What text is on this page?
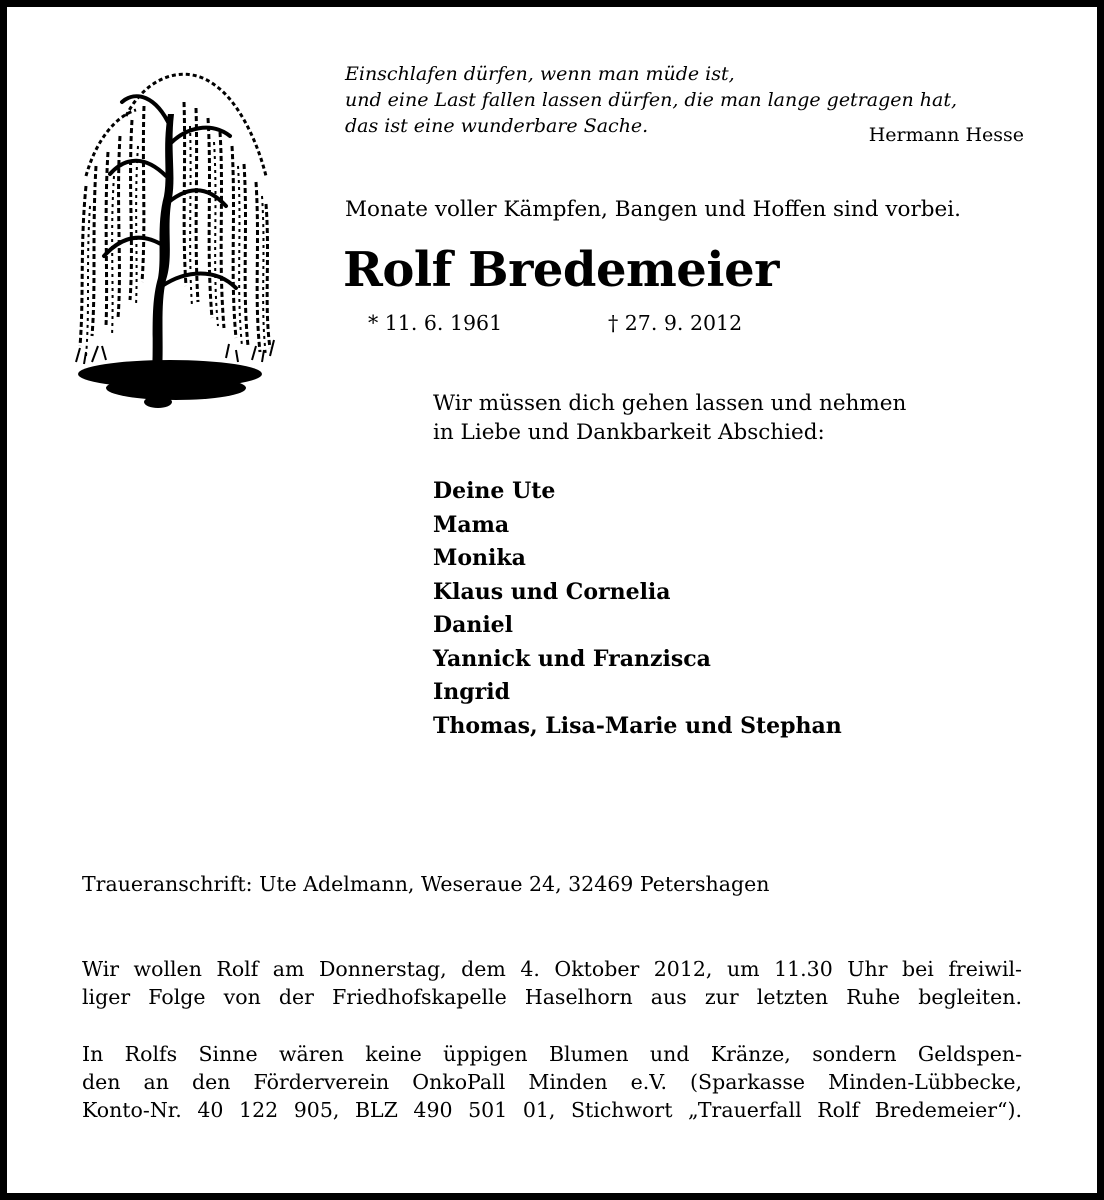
Einschlafen dürfen, wenn man müde ist,
und eine Last fallen lassen dürfen, die man lange getragen hat,
das ist eine wunderbare Sache.	Hermann Hesse
Monate voller Kämpfen, Bangen und Hoffen sind vorbei.
Rolf Bredemeier
* 11. 6. 1961	† 27. 9. 2012
Wir müssen dich gehen lassen und nehmen
in Liebe und Dankbarkeit Abschied:
Deine Ute
Mama
Monika
Klaus und Cornelia
Daniel
Yannick und Franzisca
Ingrid
Thomas, Lisa-Marie und Stephan
Traueranschrift: Ute Adelmann, Weseraue 24, 32469 Petershagen
Wir wollen Rolf am Donnerstag, dem 4. Oktober 2012, um 11.30 Uhr bei freiwil-
liger Folge von der Friedhofskapelle Haselhorn aus zur letzten Ruhe begleiten.
In Rolfs Sinne wären keine üppigen Blumen und Kränze, sondern Geldspen-
den an den Förderverein OnkoPall Minden e.V. (Sparkasse Minden-Lübbecke,
Konto-Nr. 40 122 905, BLZ 490 501 01, Stichwort „Trauerfall Rolf Bredemeier“).
